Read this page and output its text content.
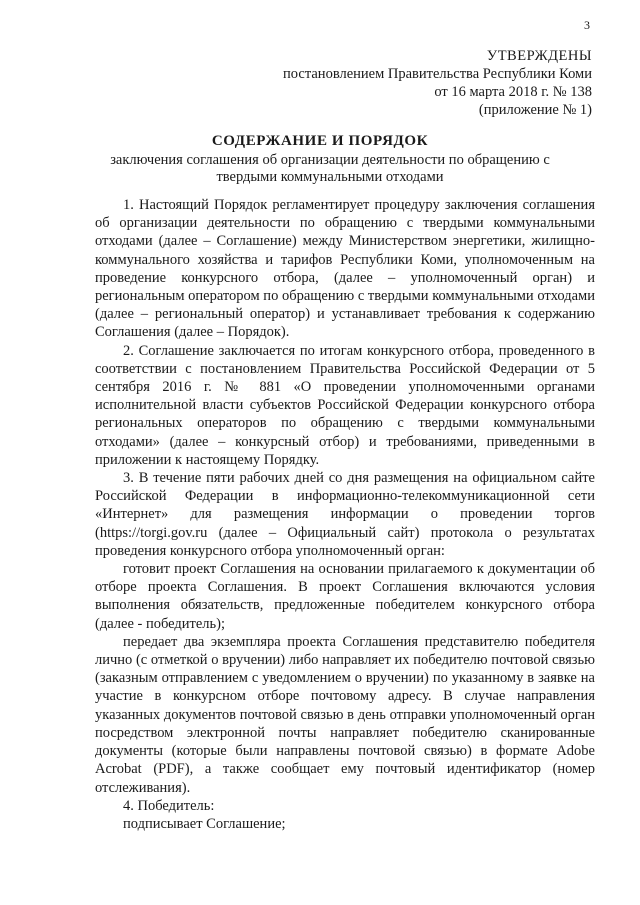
3
УТВЕРЖДЕНЫ
постановлением Правительства Республики Коми
от 16 марта 2018 г. № 138
(приложение № 1)
СОДЕРЖАНИЕ И ПОРЯДОК
заключения соглашения об организации деятельности по обращению с твердыми коммунальными отходами

1. Настоящий Порядок регламентирует процедуру заключения соглашения об организации деятельности по обращению с твердыми коммунальными отходами (далее – Соглашение) между Министерством энергетики, жилищно-коммунального хозяйства и тарифов Республики Коми, уполномоченным на проведение конкурсного отбора, (далее – уполномоченный орган) и региональным оператором по обращению с твердыми коммунальными отходами (далее – региональный оператор) и устанавливает требования к содержанию Соглашения (далее – Порядок).

2. Соглашение заключается по итогам конкурсного отбора, проведенного в соответствии с постановлением Правительства Российской Федерации от 5 сентября 2016 г. № 881 «О проведении уполномоченными органами исполнительной власти субъектов Российской Федерации конкурсного отбора региональных операторов по обращению с твердыми коммунальными отходами» (далее – конкурсный отбор) и требованиями, приведенными в приложении к настоящему Порядку.

3. В течение пяти рабочих дней со дня размещения на официальном сайте Российской Федерации в информационно-телекоммуникационной сети «Интернет» для размещения информации о проведении торгов (https://torgi.gov.ru (далее – Официальный сайт) протокола о результатах проведения конкурсного отбора уполномоченный орган:

готовит проект Соглашения на основании прилагаемого к документации об отборе проекта Соглашения. В проект Соглашения включаются условия выполнения обязательств, предложенные победителем конкурсного отбора (далее - победитель);

передает два экземпляра проекта Соглашения представителю победителя лично (с отметкой о вручении) либо направляет их победителю почтовой связью (заказным отправлением с уведомлением о вручении) по указанному в заявке на участие в конкурсном отборе почтовому адресу. В случае направления указанных документов почтовой связью в день отправки уполномоченный орган посредством электронной почты направляет победителю сканированные документы (которые были направлены почтовой связью) в формате Adobe Acrobat (PDF), а также сообщает ему почтовый идентификатор (номер отслеживания).

4. Победитель:

подписывает Соглашение;
